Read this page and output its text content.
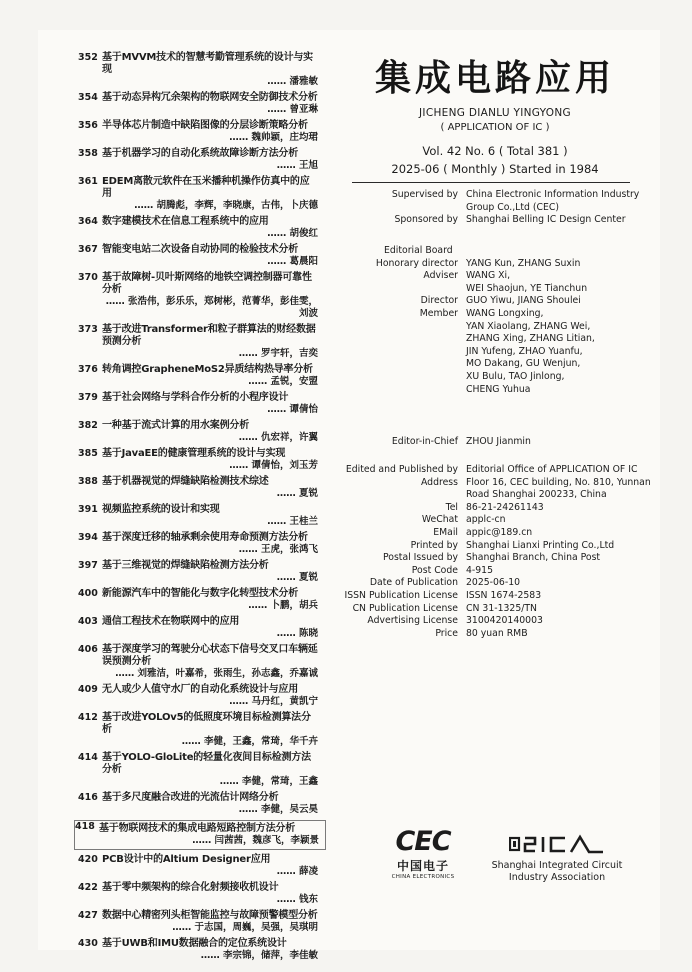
352 基于MVVM技术的智慧考勤管理系统的设计与实现
…… 潘雅敏
354 基于动态异构冗余架构的物联网安全防御技术分析
…… 曾亚琳
356 半导体芯片制造中缺陷图像的分层诊断策略分析
…… 魏帅颖，庄均珺
358 基于机器学习的自动化系统故障诊断方法分析
…… 王旭
361 EDEM离散元软件在玉米播种机操作仿真中的应用
…… 胡腾彪，李辉，李晓康，古伟，卜庆德
364 数字建模技术在信息工程系统中的应用
…… 胡俊红
367 智能变电站二次设备自动协同的检验技术分析
…… 葛晨阳
370 基于故障树-贝叶斯网络的地铁空调控制器可靠性分析
…… 张浩伟，彭乐乐，郑树彬，范菁华，彭佳雯，刘波
373 基于改进Transformer和粒子群算法的财经数据预测分析
…… 罗宇轩，吉奕
376 转角调控GrapheneMoS2异质结构热导率分析
…… 孟锐，安盟
379 基于社会网络与学科合作分析的小程序设计
…… 谭倩怡
382 一种基于流式计算的用水案例分析
…… 仇宏祥，许翼
385 基于JavaEE的健康管理系统的设计与实现
…… 谭倩怡，刘玉芳
388 基于机器视觉的焊缝缺陷检测技术综述
…… 夏锐
391 视频监控系统的设计和实现
…… 王桂兰
394 基于深度迁移的轴承剩余使用寿命预测方法分析
…… 王虎，张鸿飞
397 基于三维视觉的焊缝缺陷检测方法分析
…… 夏锐
400 新能源汽车中的智能化与数字化转型技术分析
…… 卜鹏，胡兵
403 通信工程技术在物联网中的应用
…… 陈晓
406 基于深度学习的驾驶分心状态下信号交叉口车辆延误预测分析
…… 刘雅洁，叶嘉希，张雨生，孙志鑫，乔嘉诚
409 无人或少人值守水厂的自动化系统设计与应用
…… 马丹红，黄凯宁
412 基于改进YOLOv5的低照度环境目标检测算法分析
…… 李健，王鑫，常琦，华千卉
414 基于YOLO-GloLite的轻量化夜间目标检测方法分析
…… 李健，常琦，王鑫
416 基于多尺度融合改进的光流估计网络分析
…… 李健，吴云昊
418 基于物联网技术的集成电路短路控制方法分析
…… 闫茜茜，魏彦飞，李颖景
420 PCB设计中的Altium Designer应用
…… 薛凌
422 基于零中频架构的综合化射频接收机设计
…… 钱东
427 数据中心精密列头柜智能监控与故障预警模型分析
…… 于志国，周巍，吴强，吴琪明
430 基于UWB和IMU数据融合的定位系统设计
…… 李宗锦，储萍，李佳敏
集成电路应用
JICHENG DIANLU YINGYONG
( APPLICATION OF IC )
Vol. 42 No. 6 ( Total 381 )
2025-06 ( Monthly ) Started in 1984
Supervised by China Electronic Information Industry
Group Co.,Ltd (CEC)
Sponsored by Shanghai Belling IC Design Center
Editorial Board
Honorary director YANG Kun, ZHANG Suxin
Adviser WANG Xi,
WEI Shaojun, YE Tianchun
Director GUO Yiwu, JIANG Shoulei
Member WANG Longxing,
YAN Xiaolang, ZHANG Wei,
ZHANG Xing, ZHANG Litian,
JIN Yufeng, ZHAO Yuanfu,
MO Dakang, GU Wenjun,
XU Bulu, TAO Jinlong,
CHENG Yuhua
Editor-in-Chief ZHOU Jianmin
Edited and Published by Editorial Office of APPLICATION OF IC
Address Floor 16, CEC building, No. 810, Yunnan
Road Shanghai 200233, China
Tel 86-21-24261143
WeChat applc-cn
EMail appic@189.cn
Printed by Shanghai Lianxi Printing Co.,Ltd
Postal Issued by Shanghai Branch, China Post
Post Code 4-915
Date of Publication 2025-06-10
ISSN Publication License ISSN 1674-2583
CN Publication License CN 31-1325/TN
Advertising License 3100420140003
Price 80 yuan RMB
CEC
中国电子
CHINA ELECTRONICS
Shanghai Integrated Circuit
Industry Association
